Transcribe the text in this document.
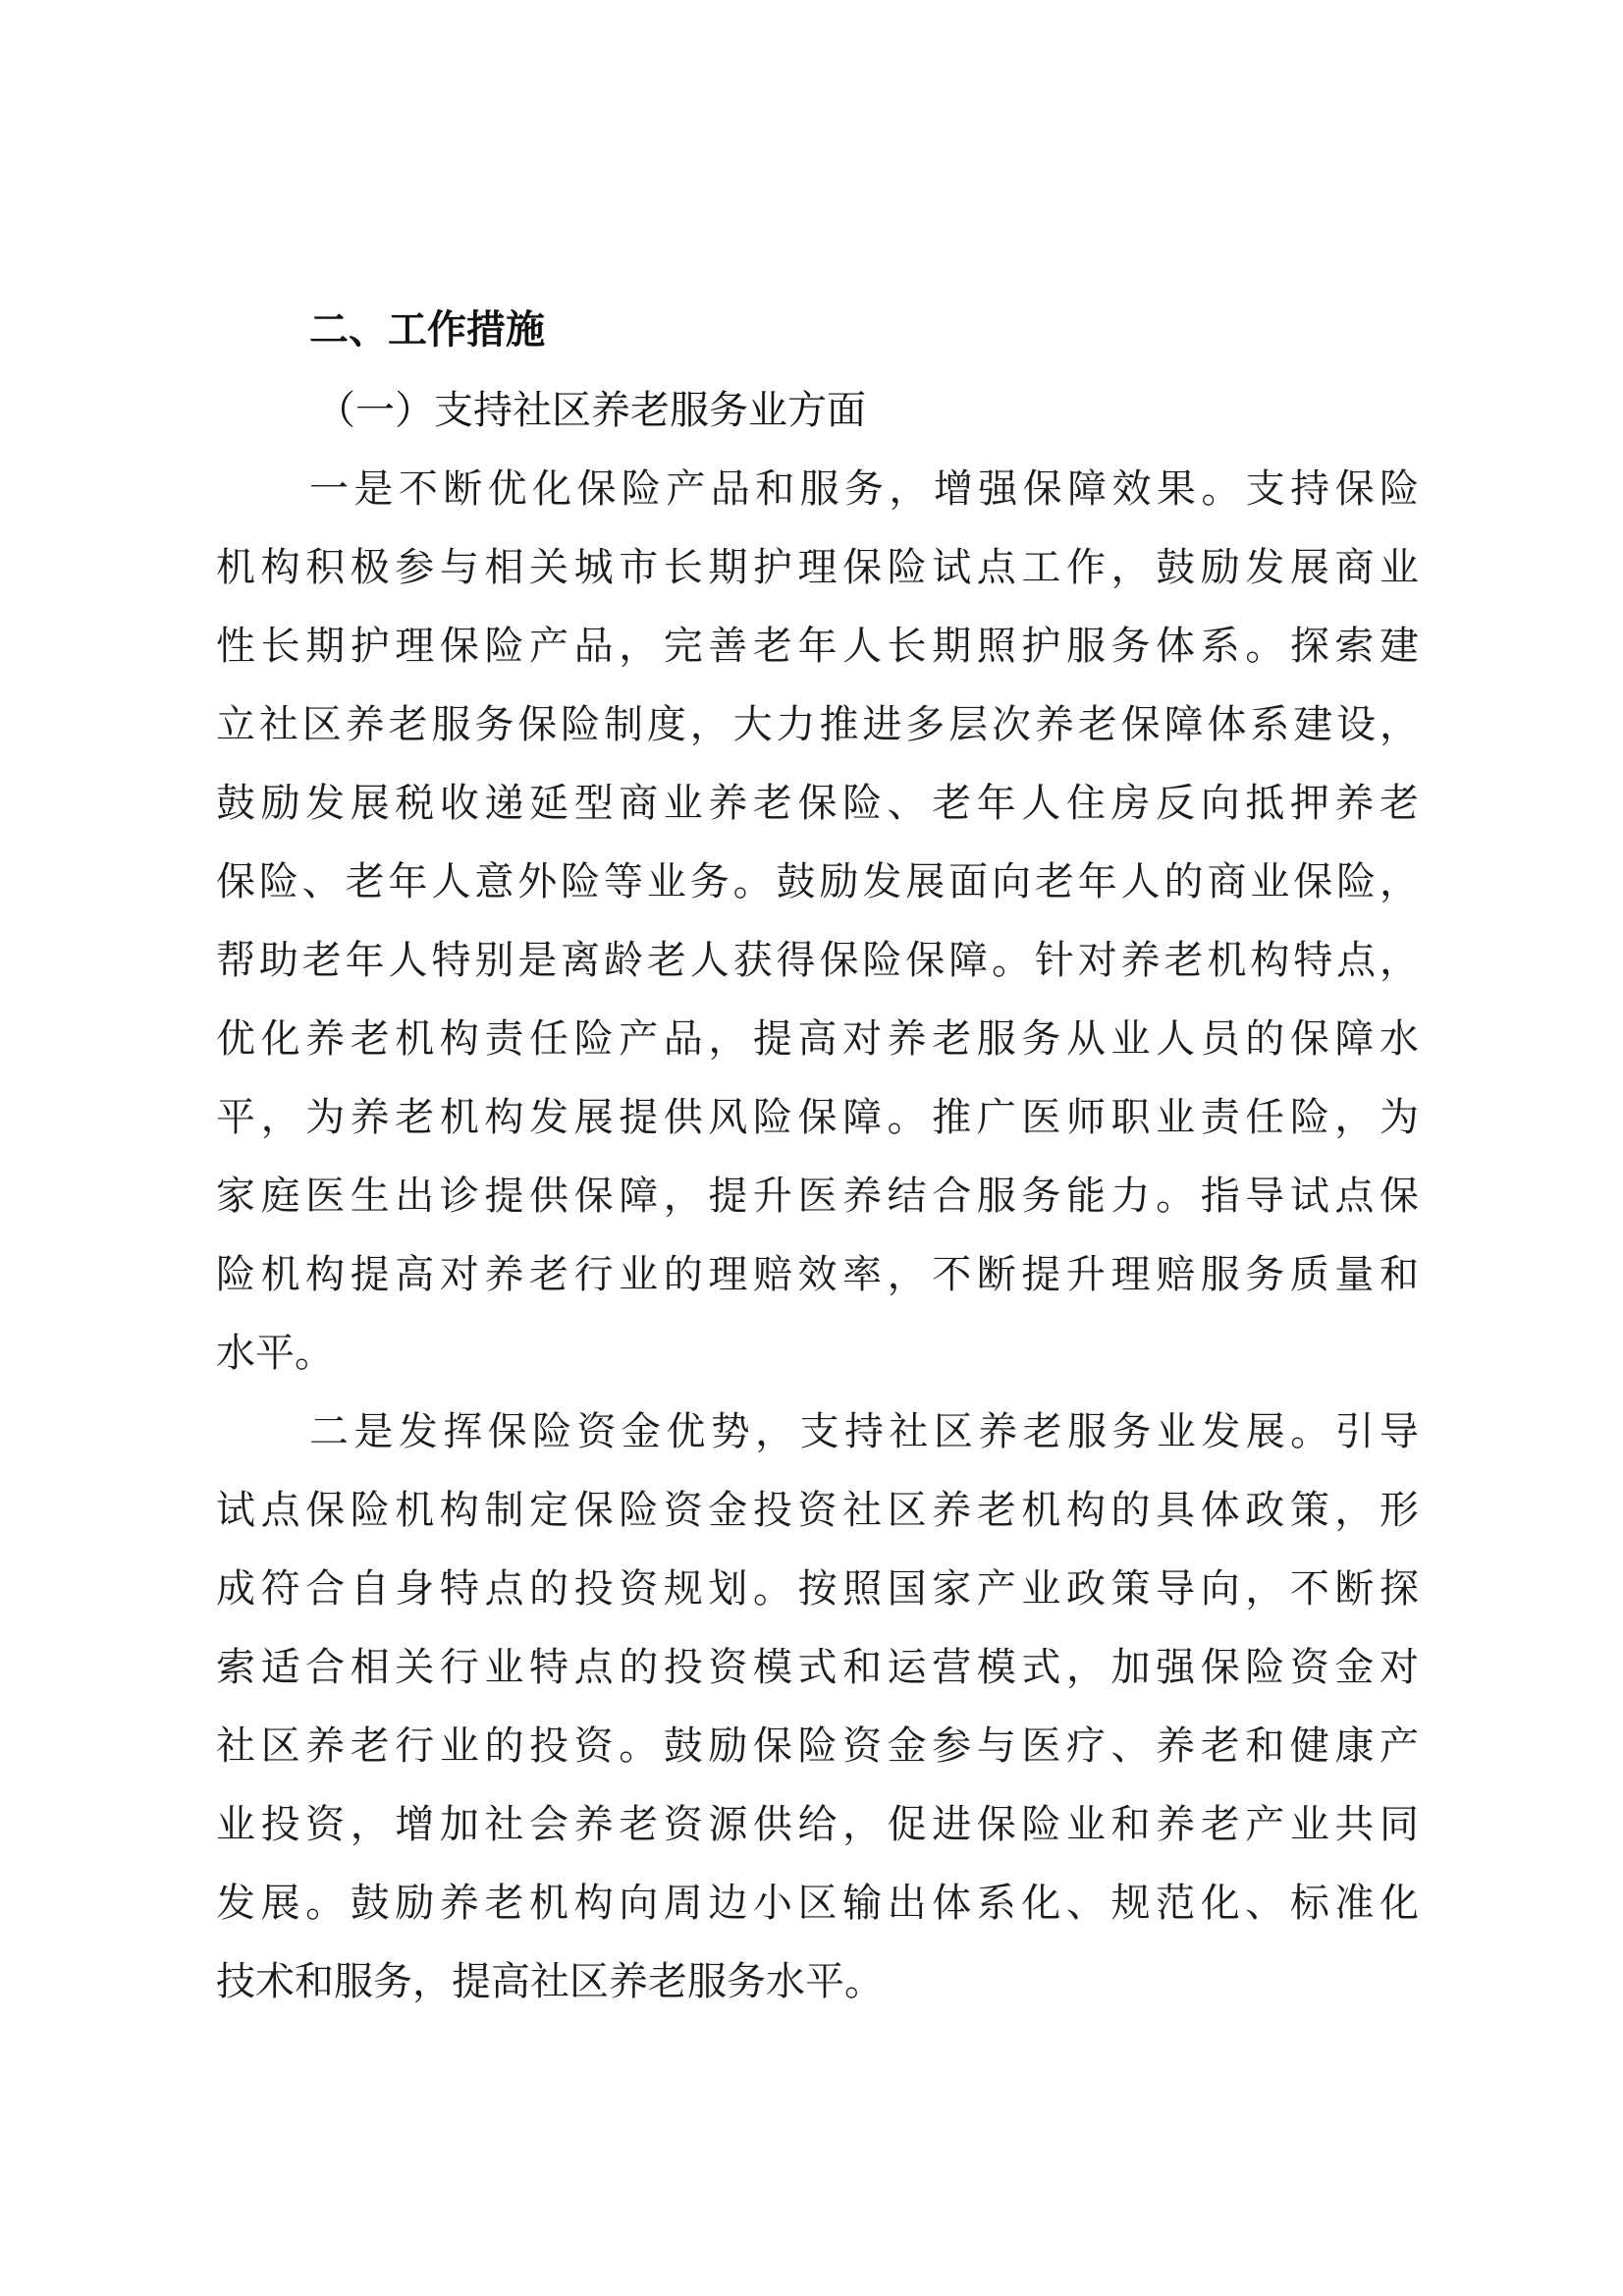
二、工作措施
（一）支持社区养老服务业方面
一是不断优化保险产品和服务，增强保障效果。支持保险
机构积极参与相关城市长期护理保险试点工作，鼓励发展商业
性长期护理保险产品，完善老年人长期照护服务体系。探索建
立社区养老服务保险制度，大力推进多层次养老保障体系建设，
鼓励发展税收递延型商业养老保险、老年人住房反向抵押养老
保险、老年人意外险等业务。鼓励发展面向老年人的商业保险，
帮助老年人特别是离龄老人获得保险保障。针对养老机构特点，
优化养老机构责任险产品，提高对养老服务从业人员的保障水
平，为养老机构发展提供风险保障。推广医师职业责任险，为
家庭医生出诊提供保障，提升医养结合服务能力。指导试点保
险机构提高对养老行业的理赔效率，不断提升理赔服务质量和
水平。
二是发挥保险资金优势，支持社区养老服务业发展。引导
试点保险机构制定保险资金投资社区养老机构的具体政策，形
成符合自身特点的投资规划。按照国家产业政策导向，不断探
索适合相关行业特点的投资模式和运营模式，加强保险资金对
社区养老行业的投资。鼓励保险资金参与医疗、养老和健康产
业投资，增加社会养老资源供给，促进保险业和养老产业共同
发展。鼓励养老机构向周边小区输出体系化、规范化、标准化
技术和服务，提高社区养老服务水平。
